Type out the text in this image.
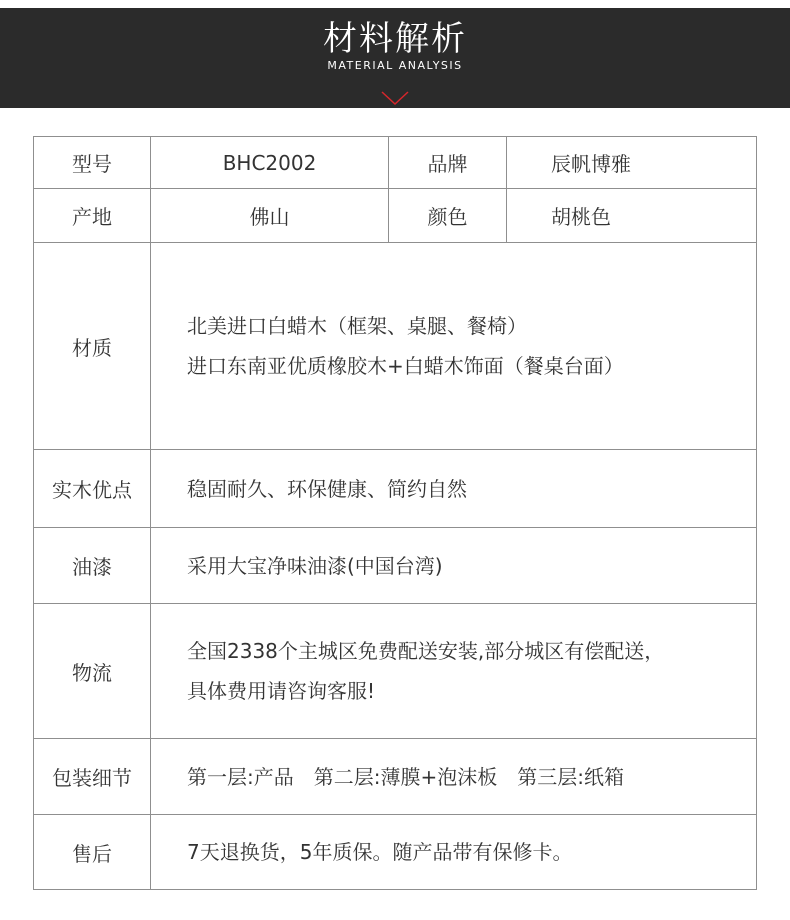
材料解析
MATERIAL ANALYSIS
型号	BHC2002	品牌	辰帆博雅
产地	佛山	颜色	胡桃色
材质	北美进口白蜡木（框架、桌腿、餐椅）
进口东南亚优质橡胶木+白蜡木饰面（餐桌台面）		

实木优点	稳固耐久、环保健康、简约自然		

油漆	采用大宝净味油漆(中国台湾)		

物流	全国2338个主城区免费配送安装,部分城区有偿配送，
具体费用请咨询客服!		

包装细节	第一层:产品　第二层:薄膜+泡沫板　第三层:纸箱		

售后	7天退换货，5年质保。随产品带有保修卡。		
